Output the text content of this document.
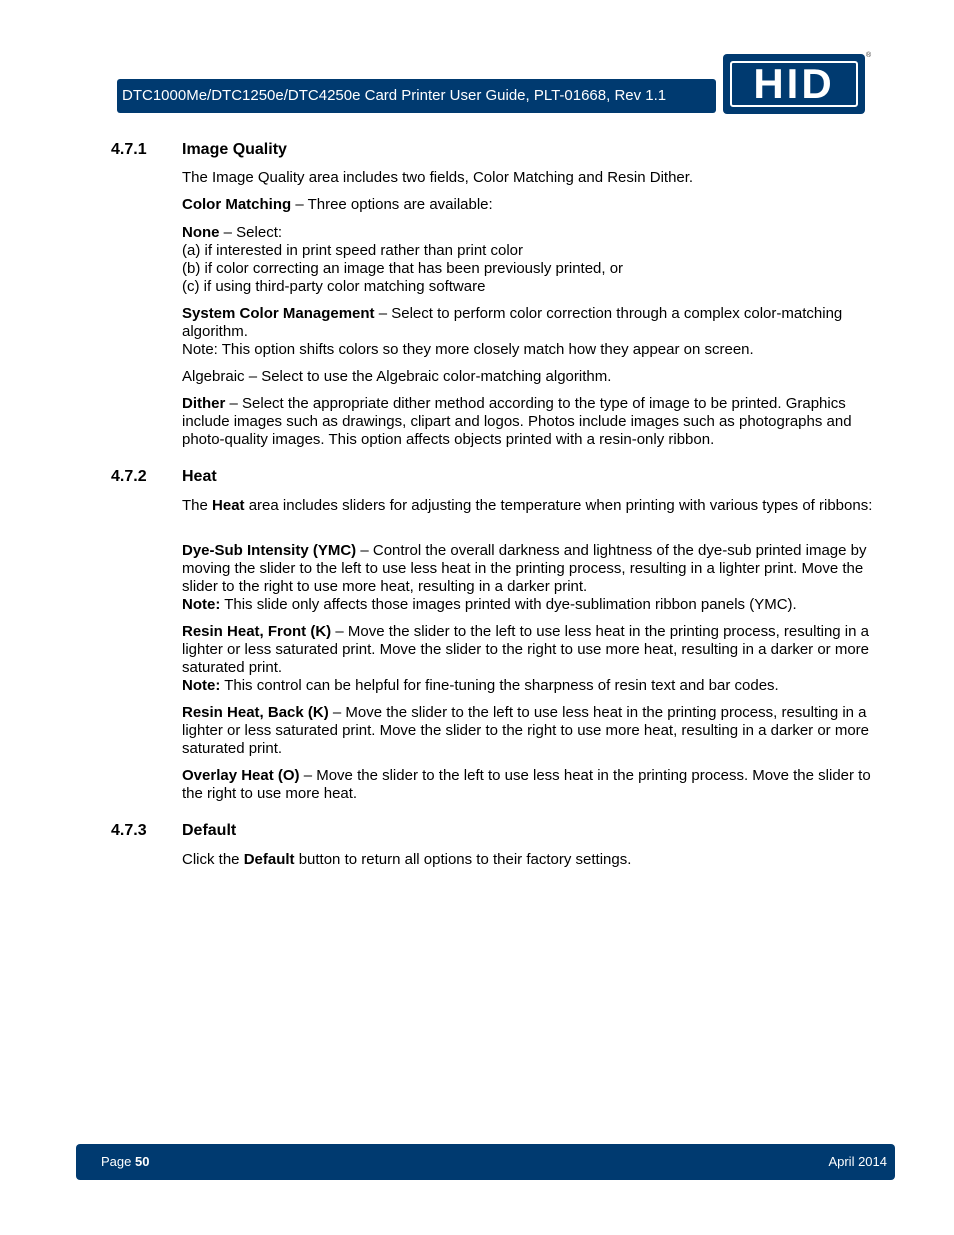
DTC1000Me/DTC1250e/DTC4250e Card Printer User Guide, PLT-01668, Rev 1.1	HID
®
4.7.1 Image Quality

The Image Quality area includes two fields, Color Matching and Resin Dither.

Color Matching – Three options are available:

None – Select:
(a) if interested in print speed rather than print color
(b) if color correcting an image that has been previously printed, or
(c) if using third-party color matching software
System Color Management – Select to perform color correction through a complex color-matching algorithm.
Note: This option shifts colors so they more closely match how they appear on screen.

Algebraic – Select to use the Algebraic color-matching algorithm.

Dither – Select the appropriate dither method according to the type of image to be printed. Graphics include images such as drawings, clipart and logos. Photos include images such as photographs and photo-quality images. This option affects objects printed with a resin-only ribbon.

4.7.2 Heat

The Heat area includes sliders for adjusting the temperature when printing with various types of ribbons:

Dye-Sub Intensity (YMC) – Control the overall darkness and lightness of the dye-sub printed image by moving the slider to the left to use less heat in the printing process, resulting in a lighter print. Move the slider to the right to use more heat, resulting in a darker print.
Note: This slide only affects those images printed with dye-sublimation ribbon panels (YMC).
Resin Heat, Front (K) – Move the slider to the left to use less heat in the printing process, resulting in a lighter or less saturated print. Move the slider to the right to use more heat, resulting in a darker or more saturated print.
Note: This control can be helpful for fine-tuning the sharpness of resin text and bar codes.

Resin Heat, Back (K) – Move the slider to the left to use less heat in the printing process, resulting in a lighter or less saturated print. Move the slider to the right to use more heat, resulting in a darker or more saturated print.

Overlay Heat (O) – Move the slider to the left to use less heat in the printing process. Move the slider to the right to use more heat.

4.7.3 Default

Click the Default button to return all options to their factory settings.

Page 50	April 2014
